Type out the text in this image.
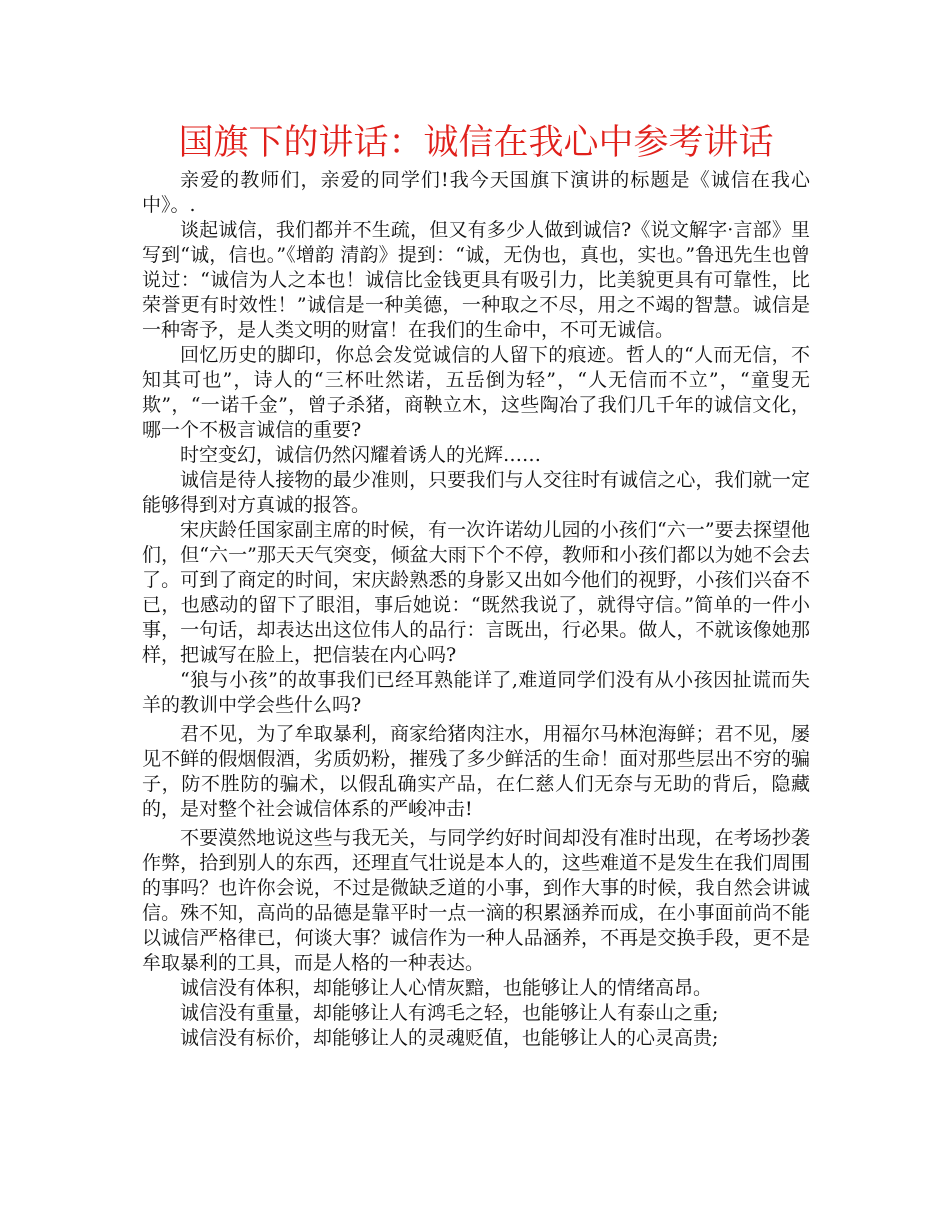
国旗下的讲话：诚信在我心中参考讲话

亲爱的教师们，亲爱的同学们!我今天国旗下演讲的标题是《诚信在我心中》。.

谈起诚信，我们都并不生疏，但又有多少人做到诚信?《说文解字·言部》里写到“诚，信也。”《增韵 清韵》提到：“诚，无伪也，真也，实也。”鲁迅先生也曾说过：“诚信为人之本也！诚信比金钱更具有吸引力，比美貌更具有可靠性，比荣誉更有时效性！”诚信是一种美德，一种取之不尽，用之不竭的智慧。诚信是一种寄予，是人类文明的财富！在我们的生命中，不可无诚信。

回忆历史的脚印，你总会发觉诚信的人留下的痕迹。哲人的“人而无信，不知其可也”，诗人的“三杯吐然诺，五岳倒为轻”，“人无信而不立”，“童叟无欺”，“一诺千金”，曾子杀猪，商鞅立木，这些陶冶了我们几千年的诚信文化，哪一个不极言诚信的重要?

时空变幻，诚信仍然闪耀着诱人的光辉……

诚信是待人接物的最少准则，只要我们与人交往时有诚信之心，我们就一定能够得到对方真诚的报答。

宋庆龄任国家副主席的时候，有一次许诺幼儿园的小孩们“六一”要去探望他们，但“六一”那天天气突变，倾盆大雨下个不停，教师和小孩们都以为她不会去了。可到了商定的时间，宋庆龄熟悉的身影又出如今他们的视野，小孩们兴奋不已，也感动的留下了眼泪，事后她说：“既然我说了，就得守信。”简单的一件小事，一句话，却表达出这位伟人的品行：言既出，行必果。做人，不就该像她那样，把诚写在脸上，把信装在内心吗?

“狼与小孩”的故事我们已经耳熟能详了,难道同学们没有从小孩因扯谎而失羊的教训中学会些什么吗?

君不见，为了牟取暴利，商家给猪肉注水，用福尔马林泡海鲜；君不见，屡见不鲜的假烟假酒，劣质奶粉，摧残了多少鲜活的生命！面对那些层出不穷的骗子，防不胜防的骗术，以假乱确实产品，在仁慈人们无奈与无助的背后，隐藏的，是对整个社会诚信体系的严峻冲击!

不要漠然地说这些与我无关，与同学约好时间却没有准时出现，在考场抄袭作弊，拾到别人的东西，还理直气壮说是本人的，这些难道不是发生在我们周围的事吗？也许你会说，不过是微缺乏道的小事，到作大事的时候，我自然会讲诚信。殊不知，高尚的品德是靠平时一点一滴的积累涵养而成，在小事面前尚不能以诚信严格律已，何谈大事？诚信作为一种人品涵养，不再是交换手段，更不是牟取暴利的工具，而是人格的一种表达。

诚信没有体积，却能够让人心情灰黯，也能够让人的情绪高昂。

诚信没有重量，却能够让人有鸿毛之轻，也能够让人有泰山之重;

诚信没有标价，却能够让人的灵魂贬值，也能够让人的心灵高贵;
